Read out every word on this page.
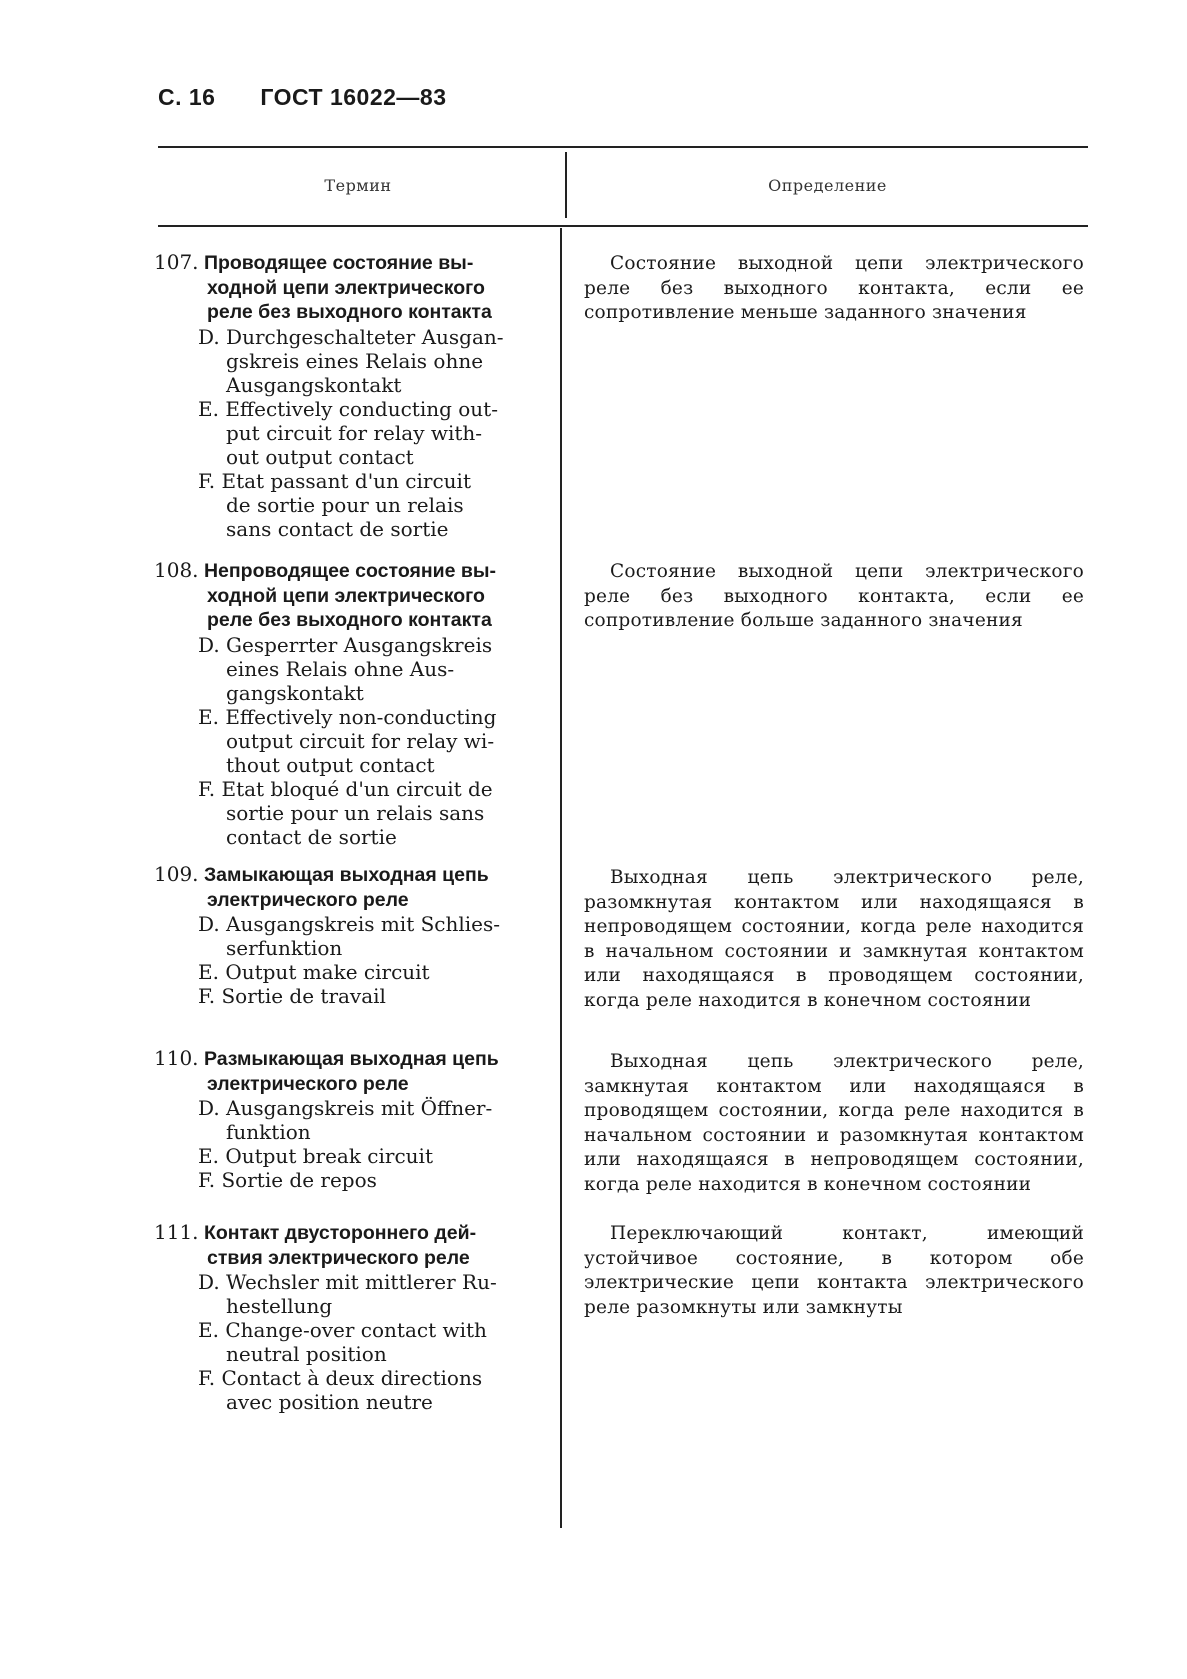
С. 16 ГОСТ 16022—83
Термин	Определение
107. Проводящее состояние вы-
ходной цепи электрического
реле без выходного контакта
D. Durchgeschalteter Ausgan-
gskreis eines Relais ohne
Ausgangskontakt
E. Effectively conducting out-
put circuit for relay with-
out output contact
F. Etat passant d'un circuit
de sortie pour un relais
sans contact de sortie
Состояние выходной цепи электрического реле без выходного контакта, если ее сопротивление меньше заданного значения
108. Непроводящее состояние вы-
ходной цепи электрического
реле без выходного контакта
D. Gesperrter Ausgangskreis
eines Relais ohne Aus-
gangskontakt
E. Effectively non-conducting
output circuit for relay wi-
thout output contact
F. Etat bloqué d'un circuit de
sortie pour un relais sans
contact de sortie
Состояние выходной цепи электрического реле без выходного контакта, если ее сопротивление больше заданного значения
109. Замыкающая выходная цепь
электрического реле
D. Ausgangskreis mit Schlies-
serfunktion
E. Output make circuit
F. Sortie de travail
Выходная цепь электрического реле, разомкнутая контактом или находящаяся в непроводящем состоянии, когда реле находится в начальном состоянии и замкнутая контактом или находящаяся в проводящем состоянии, когда реле находится в конечном состоянии
110. Размыкающая выходная цепь
электрического реле
D. Ausgangskreis mit Öffner-
funktion
E. Output break circuit
F. Sortie de repos
Выходная цепь электрического реле, замкнутая контактом или находящаяся в проводящем состоянии, когда реле находится в начальном состоянии и разомкнутая контактом или находящаяся в непроводящем состоянии, когда реле находится в конечном состоянии
111. Контакт двустороннего дей-
ствия электрического реле
D. Wechsler mit mittlerer Ru-
hestellung
E. Change-over contact with
neutral position
F. Contact à deux directions
avec position neutre
Переключающий контакт, имеющий устойчивое состояние, в котором обе электрические цепи контакта электрического реле разомкнуты или замкнуты
